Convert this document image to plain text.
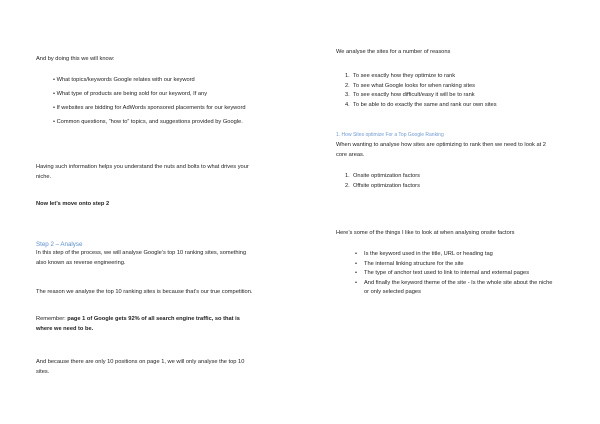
And by doing this we will know:

• What topics/keywords Google relates with our keyword
• What type of products are being sold for our keyword, If any
• If websites are bidding for AdWords sponsored placements for our keyword
• Common questions, “how to” topics, and suggestions provided by Google.

Having such information helps you understand the nuts and bolts to what drives your niche.

Now let’s move onto step 2

Step 2 – Analyse

In this step of the process, we will analyse Google’s top 10 ranking sites, something also known as reverse engineering.

The reason we analyse the top 10 ranking sites is because that’s our true competition.

Remember: page 1 of Google gets 92% of all search engine traffic, so that is where we need to be.

And because there are only 10 positions on page 1, we will only analyse the top 10 sites.

We analyse the sites for a number of reasons

1. To see exactly how they optimize to rank
2. To see what Google looks for when ranking sites
3. To see exactly how difficult/easy it will be to rank
4. To be able to do exactly the same and rank our own sites

1. How Sites optimize For a Top Google Ranking

When wanting to analyse how sites are optimizing to rank then we need to look at 2 core areas.

1. Onsite optimization factors
2. Offsite optimization factors

Here’s some of the things I like to look at when analysing onsite factors

• Is the keyword used in the title, URL or heading tag
• The internal linking structure for the site
• The type of anchor text used to link to internal and external pages
• And finally the keyword theme of the site - Is the whole site about the niche or only selected pages
